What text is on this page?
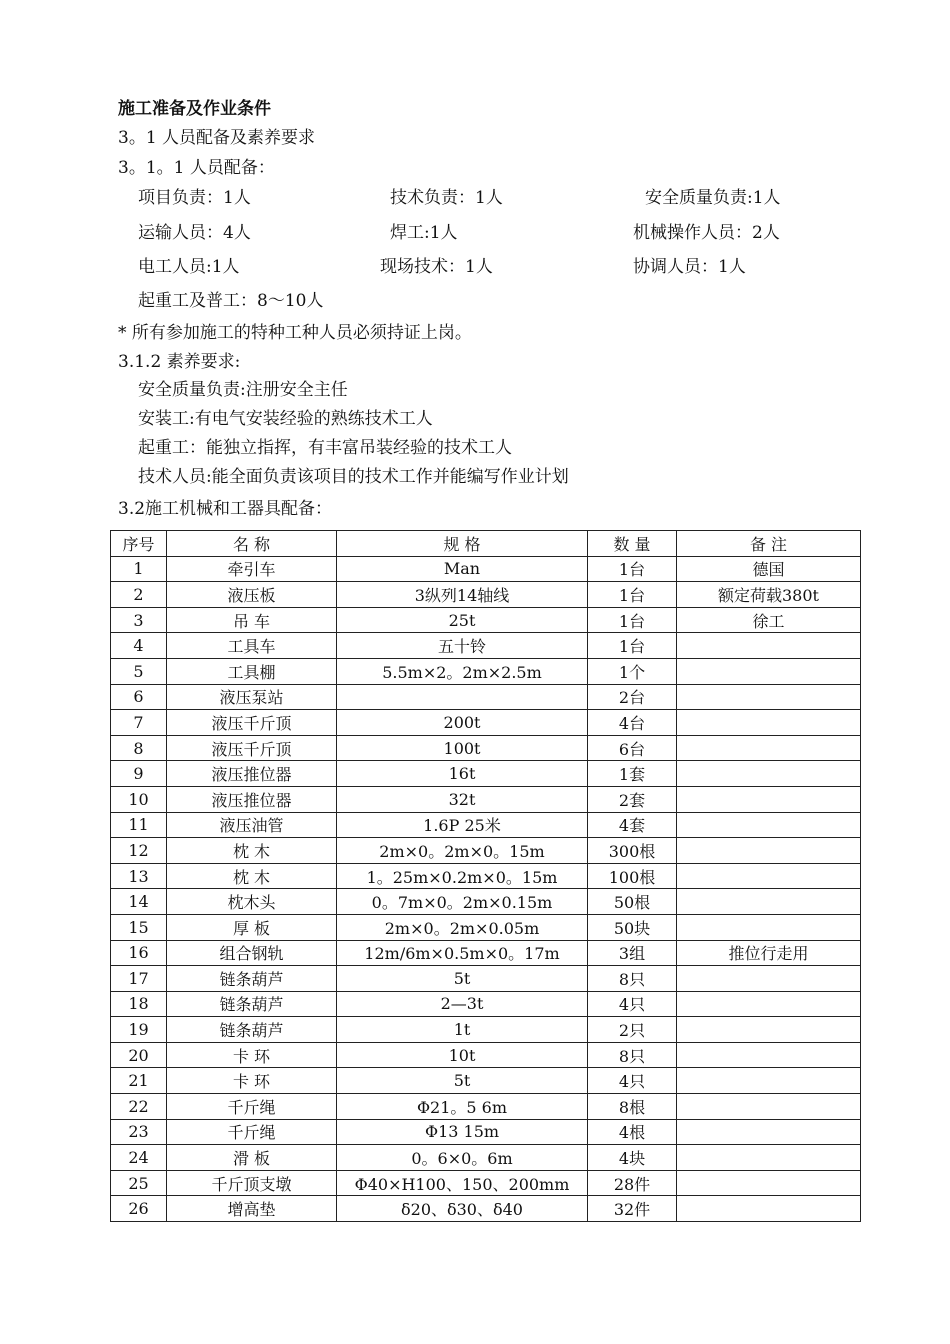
施工准备及作业条件
3。1 人员配备及素养要求
3。1。1 人员配备：
项目负责：1人	技术负责：1人	安全质量负责:1人
运输人员：4人	焊工:1人	机械操作人员：2人
电工人员:1人	现场技术：1人	协调人员：1人
起重工及普工：8～10人
* 所有参加施工的特种工种人员必须持证上岗。
3.1.2 素养要求:
安全质量负责:注册安全主任
安装工:有电气安装经验的熟练技术工人
起重工：能独立指挥，有丰富吊装经验的技术工人
技术人员:能全面负责该项目的技术工作并能编写作业计划
3.2施工机械和工器具配备：
序号	名 称	规 格	数 量	备 注
1	牵引车	Man	1台	德国
2	液压板	3纵列14轴线	1台	额定荷载380t
3	吊 车	25t	1台	徐工
4	工具车	五十铃	1台	
5	工具棚	5.5m×2。2m×2.5m	1个	
6	液压泵站		2台	
7	液压千斤顶	200t	4台	
8	液压千斤顶	100t	6台	
9	液压推位器	16t	1套	
10	液压推位器	32t	2套	
11	液压油管	1.6P 25米	4套	
12	枕 木	2m×0。2m×0。15m	300根	
13	枕 木	1。25m×0.2m×0。15m	100根	
14	枕木头	0。7m×0。2m×0.15m	50根	
15	厚 板	2m×0。2m×0.05m	50块	
16	组合钢轨	12m/6m×0.5m×0。17m	3组	推位行走用
17	链条葫芦	5t	8只	
18	链条葫芦	2—3t	4只	
19	链条葫芦	1t	2只	
20	卡 环	10t	8只	
21	卡 环	5t	4只	
22	千斤绳	Φ21。5 6m	8根	
23	千斤绳	Φ13 15m	4根	
24	滑 板	0。6×0。6m	4块	
25	千斤顶支墩	Φ40×H100、150、200mm	28件	
26	增高垫	δ20、δ30、δ40	32件	
